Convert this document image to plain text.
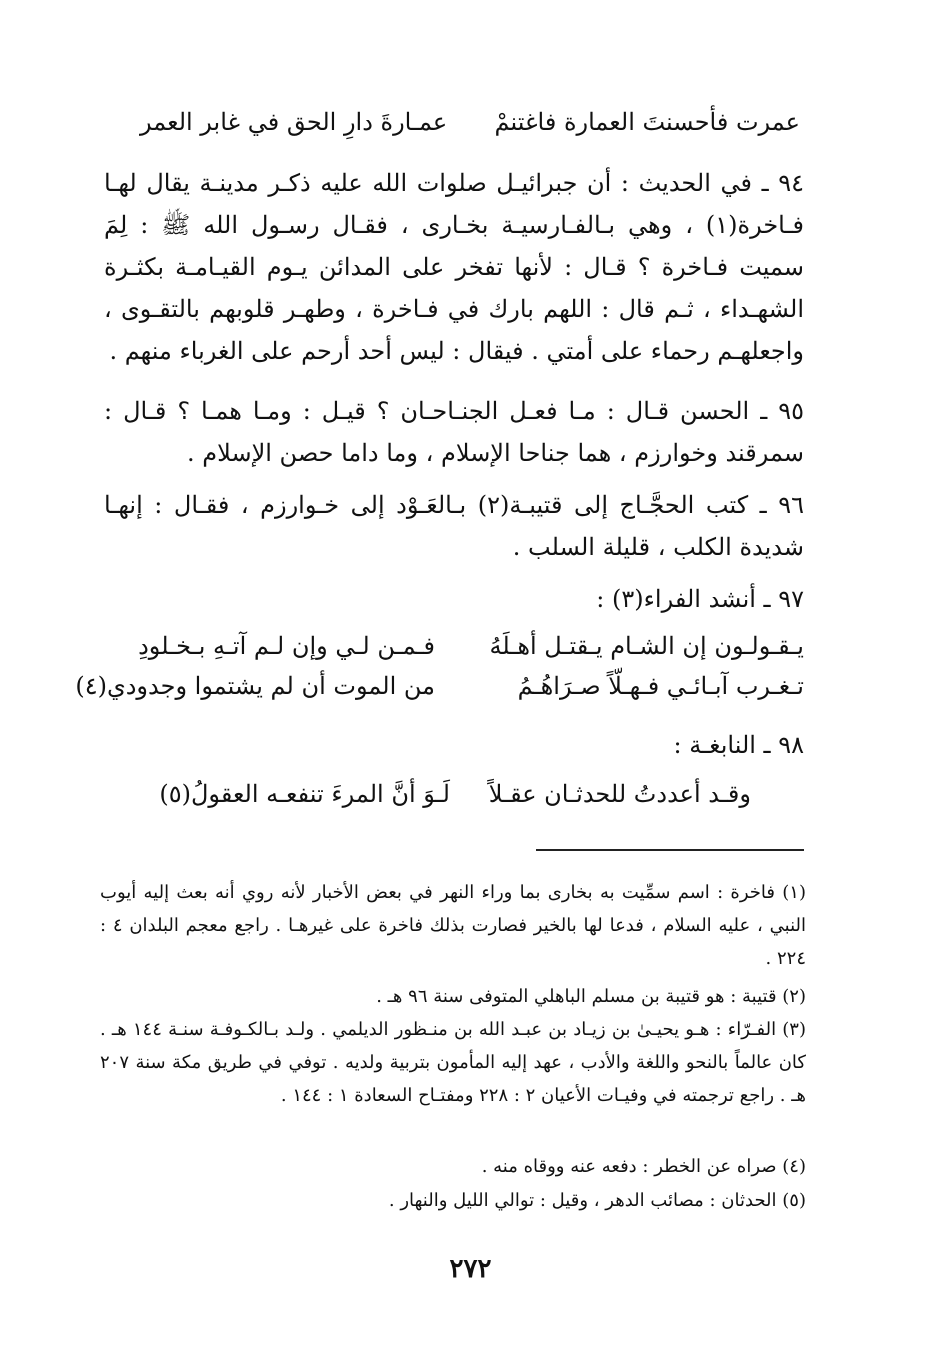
عمرت فأحسنتَ العمارة فاغتنمْ
عمـارةَ دارِ الحق في غابر العمر
٩٤ ـ في الحديث : أن جبرائيـل صلوات الله عليه ذكـر مدينـة يقال لهـا فـاخرة(١) ، وهي بـالفـارسيـة بخـارى ، فقـال رسـول الله ﷺ : لِمَ سميت فـاخرة ؟ قـال : لأنها تفخر على المدائن يـوم القيـامـة بكثـرة الشهـداء ، ثـم قال : اللهم بارك في فـاخرة ، وطهـر قلوبهم بالتقـوى ، واجعلهـم رحماء على أمتي . فيقال : ليس أحد أرحم على الغرباء منهم .
٩٥ ـ الحسن قـال : مـا فعـل الجنـاحـان ؟ قيـل : ومـا همـا ؟ قـال : سمرقند وخوارزم ، هما جناحا الإسلام ، وما داما حصن الإسلام .
٩٦ ـ كتب الحجَّـاج إلى قتيبـة(٢) بـالعَـوْد إلى خـوارزم ، فقـال : إنهـا شديدة الكلب ، قليلة السلب .
٩٧ ـ أنشد الفراء(٣) :
يـقـولـون إن الشـام يـقتـل أهـلَهُ
فـمـن لـي وإن لـم آتـهِ بـخـلودِ
تـغـرب آبـائـي فـهـلّاً صـرَاهُـمُ
من الموت أن لم يشتموا وجدودي(٤)
٩٨ ـ النابغـة :
وقـد أعددتُ للحدثـان عقـلاً
لَـوَ أنَّ المرءَ تنفعـه العقولُ(٥)
(١) فاخرة : اسم سمِّيت به بخارى بما وراء النهر في بعض الأخبار لأنه روي أنه بعث إليه أيوب النبي ، عليه السلام ، فدعا لها بالخير فصارت بذلك فاخرة على غيرهـا . راجع معجم البلدان ٤ : ٢٢٤ .
(٢) قتيبة : هو قتيبة بن مسلم الباهلي المتوفى سنة ٩٦ هـ .
(٣) الفـرّاء : هـو يحيـىٰ بن زيـاد بن عبـد الله بن منـظور الديلمي . ولـد بـالكـوفـة سنـة ١٤٤ هـ . كان عالماً بالنحو واللغة والأدب ، عهد إليه المأمون بتربية ولديه . توفي في طريق مكة سنة ٢٠٧ هـ . راجع ترجمته في وفيـات الأعيان ٢ : ٢٢٨ ومفتـاح السعادة ١ : ١٤٤ .
(٤) صراه عن الخطر : دفعه عنه ووقاه منه .
(٥) الحدثان : مصائب الدهر ، وقيل : توالي الليل والنهار .
٢٧٢
